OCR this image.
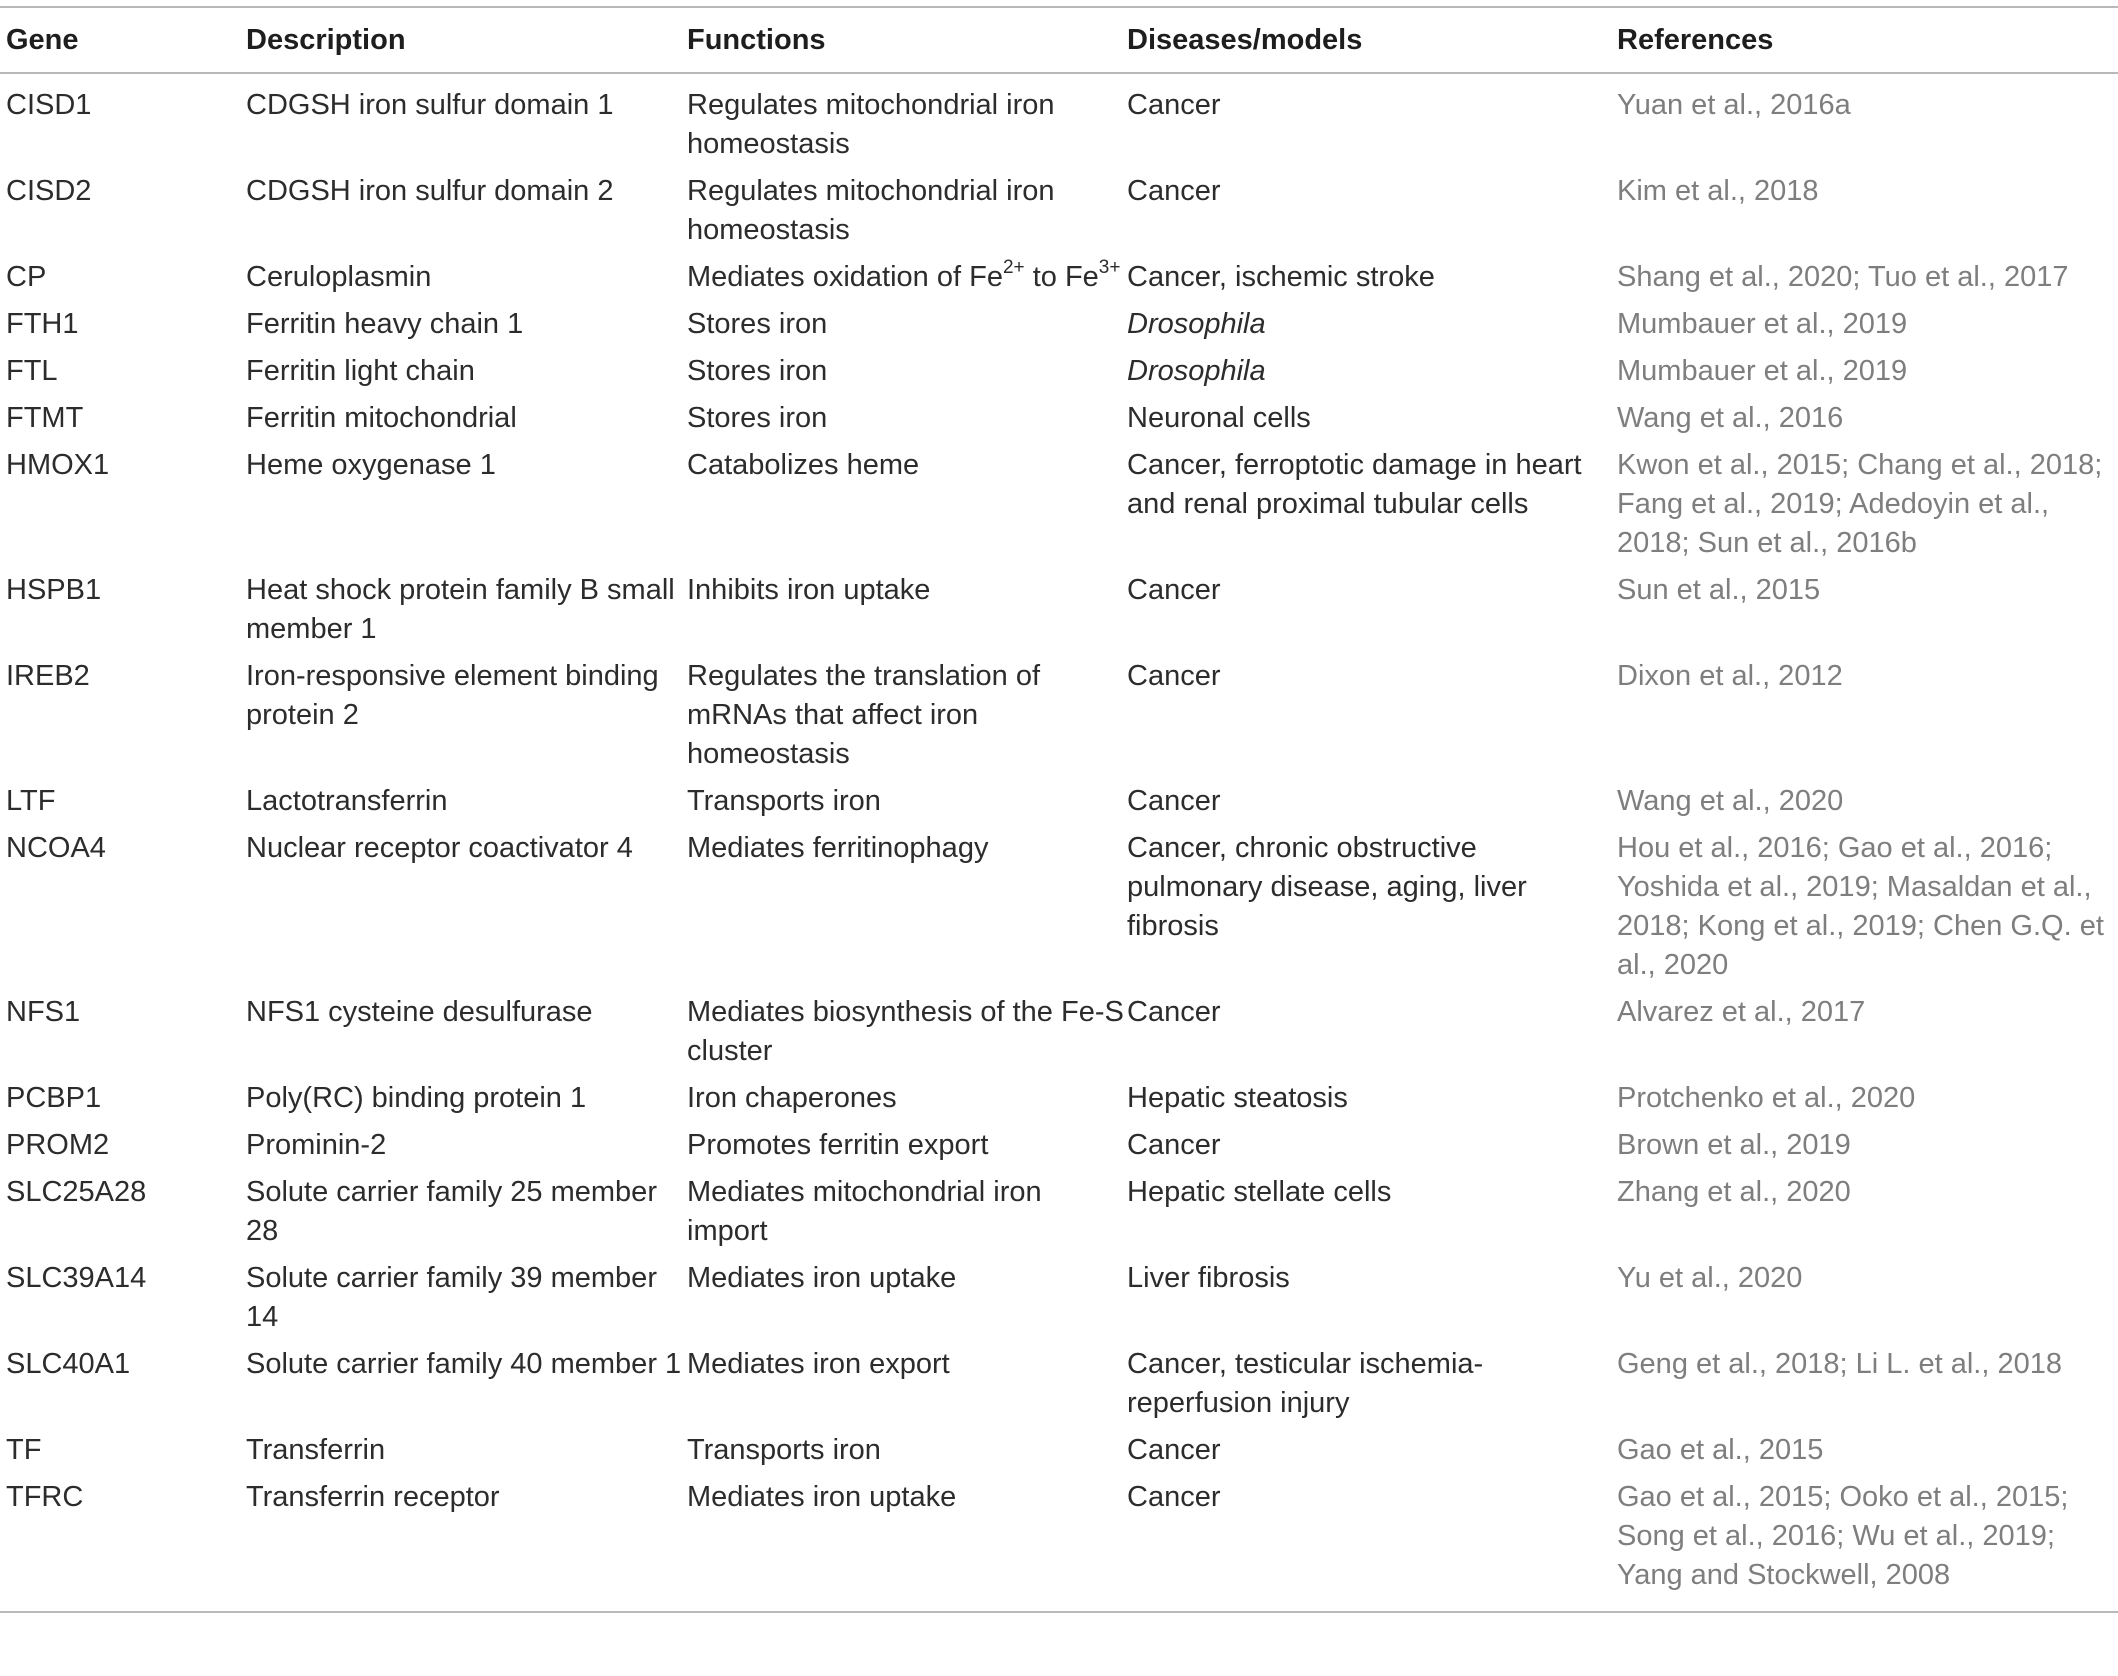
Gene	Description	Functions	Diseases/models	References
CISD1	CDGSH iron sulfur domain 1	Regulates mitochondrial iron homeostasis	Cancer	Yuan et al., 2016a
CISD2	CDGSH iron sulfur domain 2	Regulates mitochondrial iron homeostasis	Cancer	Kim et al., 2018
CP	Ceruloplasmin	Mediates oxidation of $Fe^{2+}$ to $Fe^{3+}$	Cancer, ischemic stroke	Shang et al., 2020; Tuo et al., 2017
FTH1	Ferritin heavy chain 1	Stores iron	Drosophila	Mumbauer et al., 2019
FTL	Ferritin light chain	Stores iron	Drosophila	Mumbauer et al., 2019
FTMT	Ferritin mitochondrial	Stores iron	Neuronal cells	Wang et al., 2016
HMOX1	Heme oxygenase 1	Catabolizes heme	Cancer, ferroptotic damage in heart and renal proximal tubular cells	Kwon et al., 2015; Chang et al., 2018; Fang et al., 2019; Adedoyin et al., 2018; Sun et al., 2016b
HSPB1	Heat shock protein family B small member 1	Inhibits iron uptake	Cancer	Sun et al., 2015
IREB2	Iron-responsive element binding protein 2	Regulates the translation of mRNAs that affect iron homeostasis	Cancer	Dixon et al., 2012
LTF	Lactotransferrin	Transports iron	Cancer	Wang et al., 2020
NCOA4	Nuclear receptor coactivator 4	Mediates ferritinophagy	Cancer, chronic obstructive pulmonary disease, aging, liver fibrosis	Hou et al., 2016; Gao et al., 2016; Yoshida et al., 2019; Masaldan et al., 2018; Kong et al., 2019; Chen G.Q. et al., 2020
NFS1	NFS1 cysteine desulfurase	Mediates biosynthesis of the Fe-S cluster	Cancer	Alvarez et al., 2017
PCBP1	Poly(RC) binding protein 1	Iron chaperones	Hepatic steatosis	Protchenko et al., 2020
PROM2	Prominin-2	Promotes ferritin export	Cancer	Brown et al., 2019
SLC25A28	Solute carrier family 25 member 28	Mediates mitochondrial iron import	Hepatic stellate cells	Zhang et al., 2020
SLC39A14	Solute carrier family 39 member 14	Mediates iron uptake	Liver fibrosis	Yu et al., 2020
SLC40A1	Solute carrier family 40 member 1	Mediates iron export	Cancer, testicular ischemia-reperfusion injury	Geng et al., 2018; Li L. et al., 2018
TF	Transferrin	Transports iron	Cancer	Gao et al., 2015
TFRC	Transferrin receptor	Mediates iron uptake	Cancer	Gao et al., 2015; Ooko et al., 2015; Song et al., 2016; Wu et al., 2019; Yang and Stockwell, 2008
